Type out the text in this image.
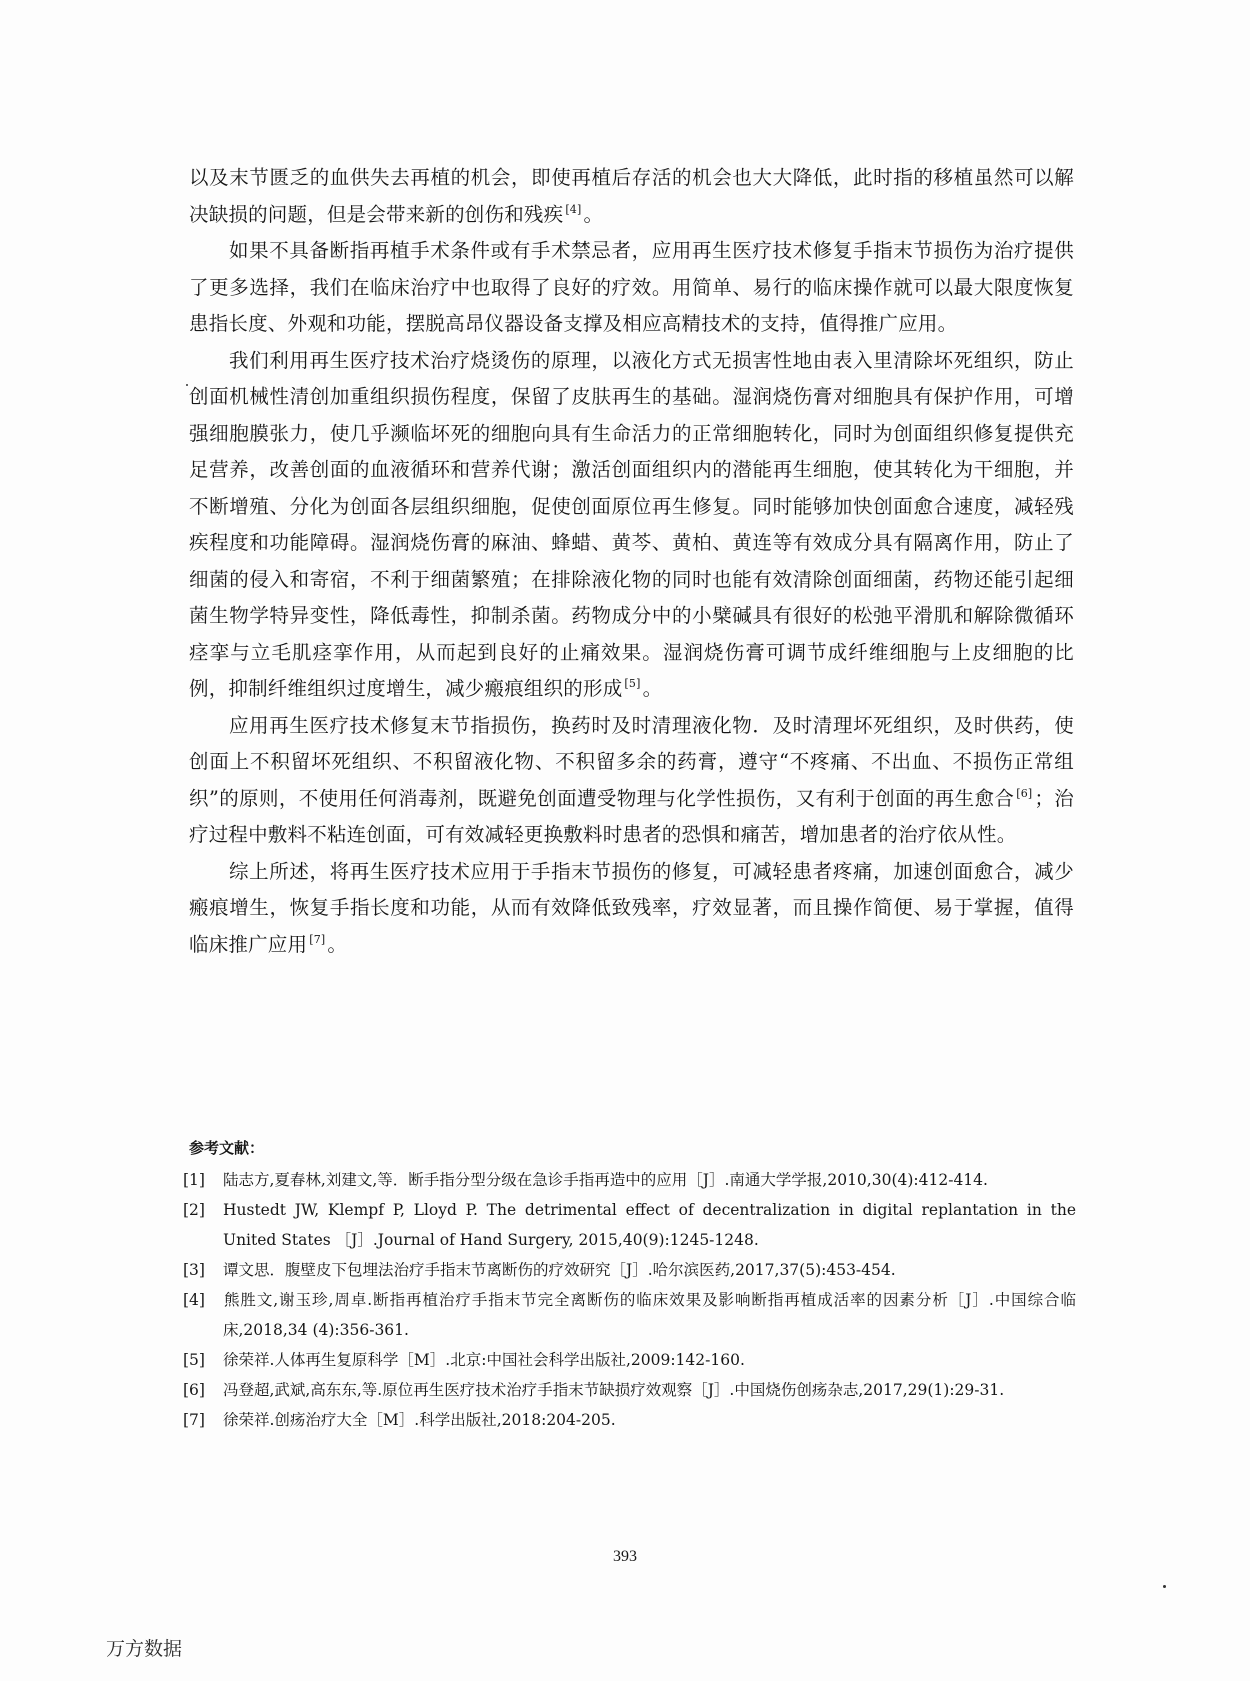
以及末节匮乏的血供失去再植的机会，即使再植后存活的机会也大大降低，此时指的移植虽然可以解决缺损的问题，但是会带来新的创伤和残疾 [4] 。

如果不具备断指再植手术条件或有手术禁忌者，应用再生医疗技术修复手指末节损伤为治疗提供了更多选择，我们在临床治疗中也取得了良好的疗效。用简单、易行的临床操作就可以最大限度恢复患指长度、外观和功能，摆脱高昂仪器设备支撑及相应高精技术的支持，值得推广应用。

我们利用再生医疗技术治疗烧烫伤的原理，以液化方式无损害性地由表入里清除坏死组织，防止创面机械性清创加重组织损伤程度，保留了皮肤再生的基础。湿润烧伤膏对细胞具有保护作用，可增强细胞膜张力，使几乎濒临坏死的细胞向具有生命活力的正常细胞转化，同时为创面组织修复提供充足营养，改善创面的血液循环和营养代谢；激活创面组织内的潜能再生细胞，使其转化为干细胞，并不断增殖、分化为创面各层组织细胞，促使创面原位再生修复。同时能够加快创面愈合速度，减轻残疾程度和功能障碍。湿润烧伤膏的麻油、蜂蜡、黄芩、黄柏、黄连等有效成分具有隔离作用，防止了细菌的侵入和寄宿，不利于细菌繁殖；在排除液化物的同时也能有效清除创面细菌，药物还能引起细菌生物学特异变性，降低毒性，抑制杀菌。药物成分中的小檗碱具有很好的松弛平滑肌和解除微循环痉挛与立毛肌痉挛作用，从而起到良好的止痛效果。湿润烧伤膏可调节成纤维细胞与上皮细胞的比例，抑制纤维组织过度增生，减少瘢痕组织的形成 [5] 。

应用再生医疗技术修复末节指损伤，换药时及时清理液化物．及时清理坏死组织，及时供药，使创面上不积留坏死组织、不积留液化物、不积留多余的药膏，遵守“不疼痛、不出血、不损伤正常组织”的原则，不使用任何消毒剂，既避免创面遭受物理与化学性损伤，又有利于创面的再生愈合 [6] ；治疗过程中敷料不粘连创面，可有效减轻更换敷料时患者的恐惧和痛苦，增加患者的治疗依从性。

综上所述，将再生医疗技术应用于手指末节损伤的修复，可减轻患者疼痛，加速创面愈合，减少瘢痕增生，恢复手指长度和功能，从而有效降低致残率，疗效显著，而且操作简便、易于掌握，值得临床推广应用 [7] 。

参考文献：

[1] 陆志方,夏春林,刘建文,等．断手指分型分级在急诊手指再造中的应用［J］.南通大学学报,2010,30(4):412-414.
[2] Hustedt JW, Klempf P, Lloyd P. The detrimental effect of decentralization in digital replantation in the United States ［J］.Journal of Hand Surgery, 2015,40(9):1245-1248.
[3] 谭文思．腹壁皮下包埋法治疗手指末节离断伤的疗效研究［J］.哈尔滨医药,2017,37(5):453-454.
[4] 熊胜文,谢玉珍,周卓.断指再植治疗手指末节完全离断伤的临床效果及影响断指再植成活率的因素分析［J］.中国综合临床,2018,34 (4):356-361.
[5] 徐荣祥.人体再生复原科学［M］.北京:中国社会科学出版社,2009:142-160.
[6] 冯登超,武斌,高东东,等.原位再生医疗技术治疗手指末节缺损疗效观察［J］.中国烧伤创疡杂志,2017,29(1):29-31.
[7] 徐荣祥.创疡治疗大全［M］.科学出版社,2018:204-205.
393
万方数据
